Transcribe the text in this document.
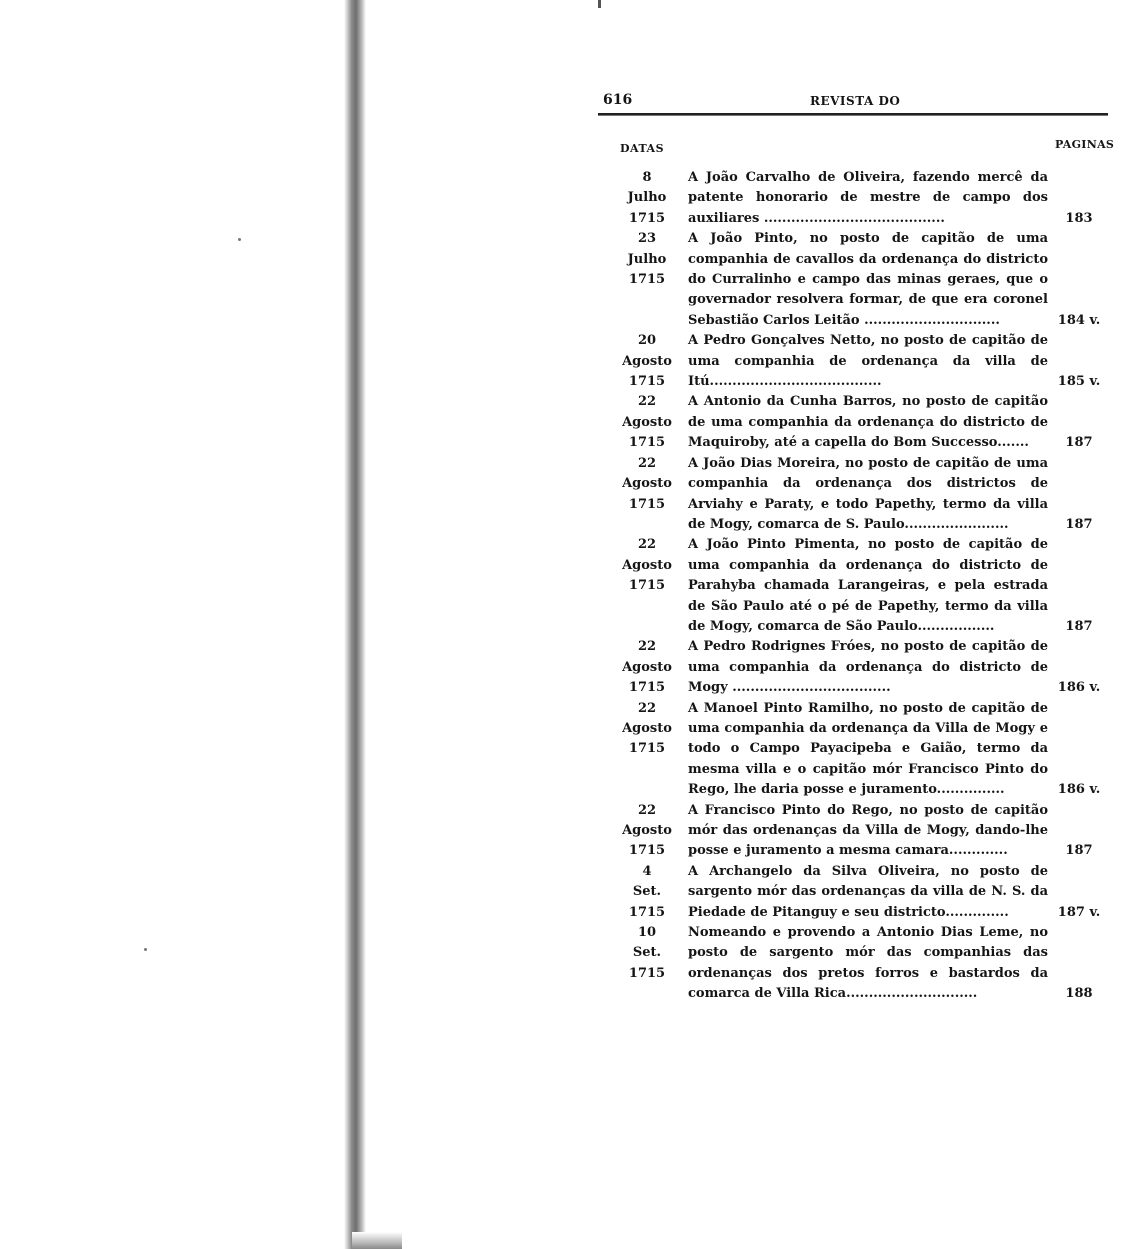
616	REVISTA DO
DATAS	PAGINAS
8
Julho
1715
A João Carvalho de Oliveira, fazendo mercê da patente honorario de mestre de campo dos auxiliares ........................................	183
23
Julho
1715
A João Pinto, no posto de capitão de uma companhia de cavallos da ordenança do districto do Curralinho e campo das minas geraes, que o governador resolvera formar, de que era coronel Sebastião Carlos Leitão ..............................	184 v.
20
Agosto
1715
A Pedro Gonçalves Netto, no posto de capitão de uma companhia de ordenança da villa de Itú......................................	185 v.
22
Agosto
1715
A Antonio da Cunha Barros, no posto de capitão de uma companhia da ordenança do districto de Maquiroby, até a capella do Bom Successo.......	187
22
Agosto
1715
A João Dias Moreira, no posto de capitão de uma companhia da ordenança dos districtos de Arviahy e Paraty, e todo Papethy, termo da villa de Mogy, comarca de S. Paulo.......................	187
22
Agosto
1715
A João Pinto Pimenta, no posto de capitão de uma companhia da ordenança do districto de Parahyba chamada Larangeiras, e pela estrada de São Paulo até o pé de Papethy, termo da villa de Mogy, comarca de São Paulo.................	187
22
Agosto
1715
A Pedro Rodrignes Fróes, no posto de capitão de uma companhia da ordenança do districto de Mogy ...................................	186 v.
22
Agosto
1715
A Manoel Pinto Ramilho, no posto de capitão de uma companhia da ordenança da Villa de Mogy e todo o Campo Payacipeba e Gaião, termo da mesma villa e o capitão mór Francisco Pinto do Rego, lhe daria posse e juramento...............	186 v.
22
Agosto
1715
A Francisco Pinto do Rego, no posto de capitão mór das ordenanças da Villa de Mogy, dando-lhe posse e juramento a mesma camara.............	187
4
Set.
1715
A Archangelo da Silva Oliveira, no posto de sargento mór das ordenanças da villa de N. S. da Piedade de Pitanguy e seu districto..............	187 v.
10
Set.
1715
Nomeando e provendo a Antonio Dias Leme, no posto de sargento mór das companhias das ordenanças dos pretos forros e bastardos da comarca de Villa Rica.............................	188
